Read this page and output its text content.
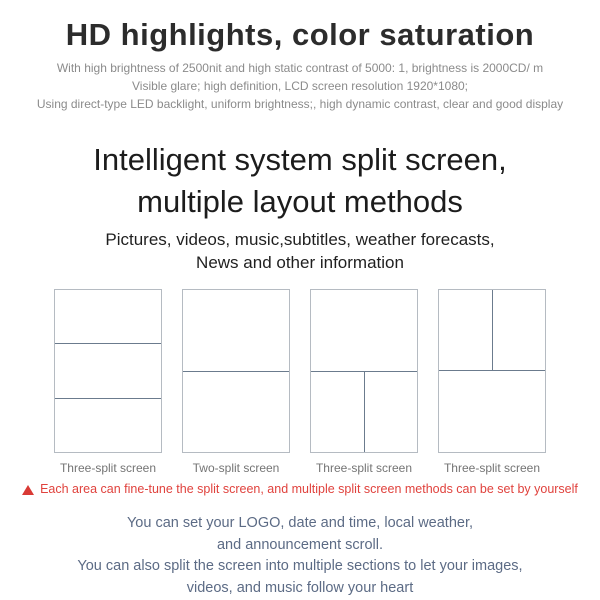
HD highlights, color saturation
With high brightness of 2500nit and high static contrast of 5000: 1, brightness is 2000CD/ m
Visible glare; high definition, LCD screen resolution 1920*1080;
Using direct-type LED backlight, uniform brightness;, high dynamic contrast, clear and good display
Intelligent system split screen,
multiple layout methods
Pictures, videos, music,subtitles, weather forecasts,
News and other information
Three-split screen	Two-split screen	Three-split screen	Three-split screen
Each area can fine-tune the split screen, and multiple split screen methods can be set by yourself
You can set your LOGO, date and time, local weather,
and announcement scroll.
You can also split the screen into multiple sections to let your images,
videos, and music follow your heart
